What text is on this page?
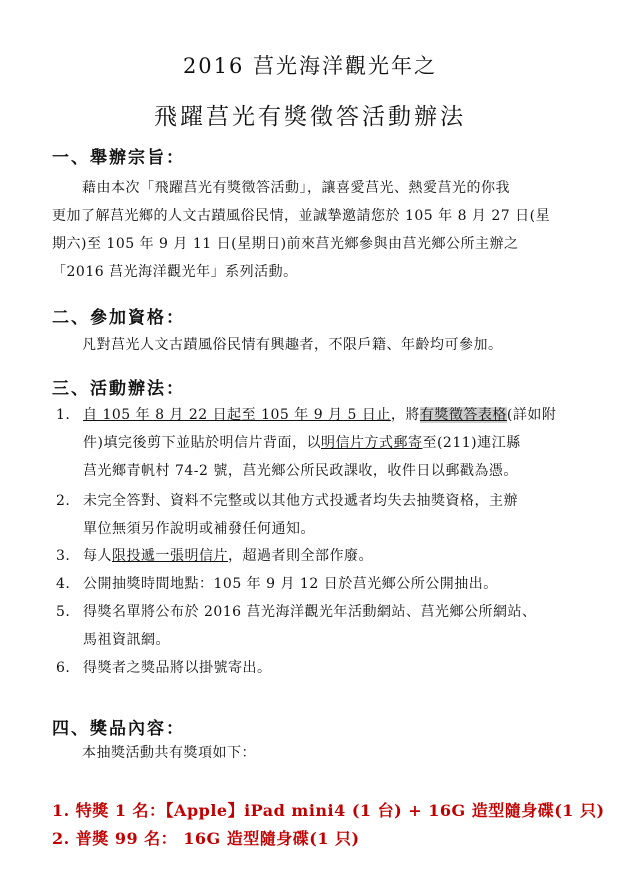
2016 莒光海洋觀光年之
飛躍莒光有獎徵答活動辦法
一、舉辦宗旨：
藉由本次「飛躍莒光有獎徵答活動」，讓喜愛莒光、熱愛莒光的你我
更加了解莒光鄉的人文古蹟風俗民情，並誠摯邀請您於 105 年 8 月 27 日(星
期六)至 105 年 9 月 11 日(星期日)前來莒光鄉參與由莒光鄉公所主辦之
「2016 莒光海洋觀光年」系列活動。
二、參加資格：
凡對莒光人文古蹟風俗民情有興趣者，不限戶籍、年齡均可參加。
三、活動辦法：
1. 自 105 年 8 月 22 日起至 105 年 9 月 5 日止，將有獎徵答表格(詳如附
件)填完後剪下並貼於明信片背面，以明信片方式郵寄至(211)連江縣
莒光鄉青帆村 74-2 號，莒光鄉公所民政課收，收件日以郵戳為憑。
2. 未完全答對、資料不完整或以其他方式投遞者均失去抽獎資格，主辦
單位無須另作說明或補發任何通知。
3. 每人限投遞一張明信片，超過者則全部作廢。
4. 公開抽獎時間地點：105 年 9 月 12 日於莒光鄉公所公開抽出。
5. 得獎名單將公布於 2016 莒光海洋觀光年活動網站、莒光鄉公所網站、
馬祖資訊網。
6. 得獎者之獎品將以掛號寄出。
四、獎品內容：
本抽獎活動共有獎項如下：
1. 特獎 1 名：【Apple】iPad mini4 (1 台) + 16G 造型隨身碟(1 只)
2. 普獎 99 名： 16G 造型隨身碟(1 只)
